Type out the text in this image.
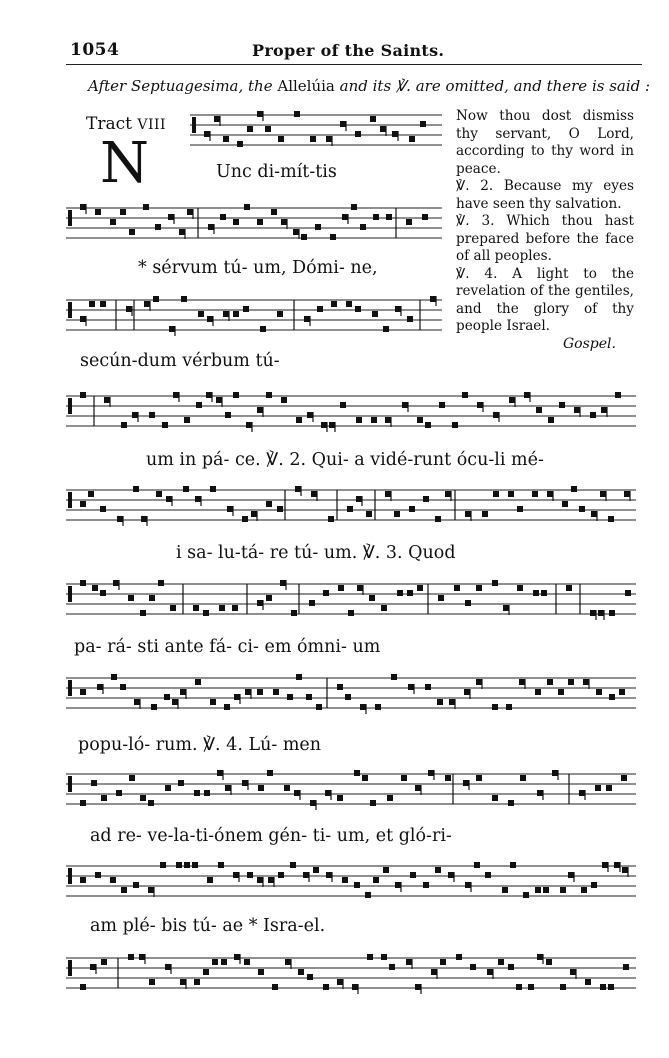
1054	Proper of the Saints.
After Septuagesima, the Allelúia and its ℣. are omitted, and there is said :
Tract VIII
N

Now thou dost dismiss thy servant, O Lord, according to thy word in peace.

℣. 2. Because my eyes have seen thy salvation.

℣. 3. Which thou hast prepared before the face of all peoples.

℣. 4. A light to the revelation of the gentiles, and the glory of thy people Israel.

Gospel.
Unc di-mít-tis
* sérvum tú- um, Dómi- ne,
secún-dum vérbum tú-
um in pá- ce. ℣. 2. Qui- a vidé-runt ócu-li mé-
i sa- lu-tá- re tú- um. ℣. 3. Quod
pa- rá- sti ante fá- ci- em ómni- um
popu-ló- rum. ℣. 4. Lú- men
ad re- ve-la-ti-ónem gén- ti- um, et gló-ri-
am plé- bis tú- ae * Isra-el.
